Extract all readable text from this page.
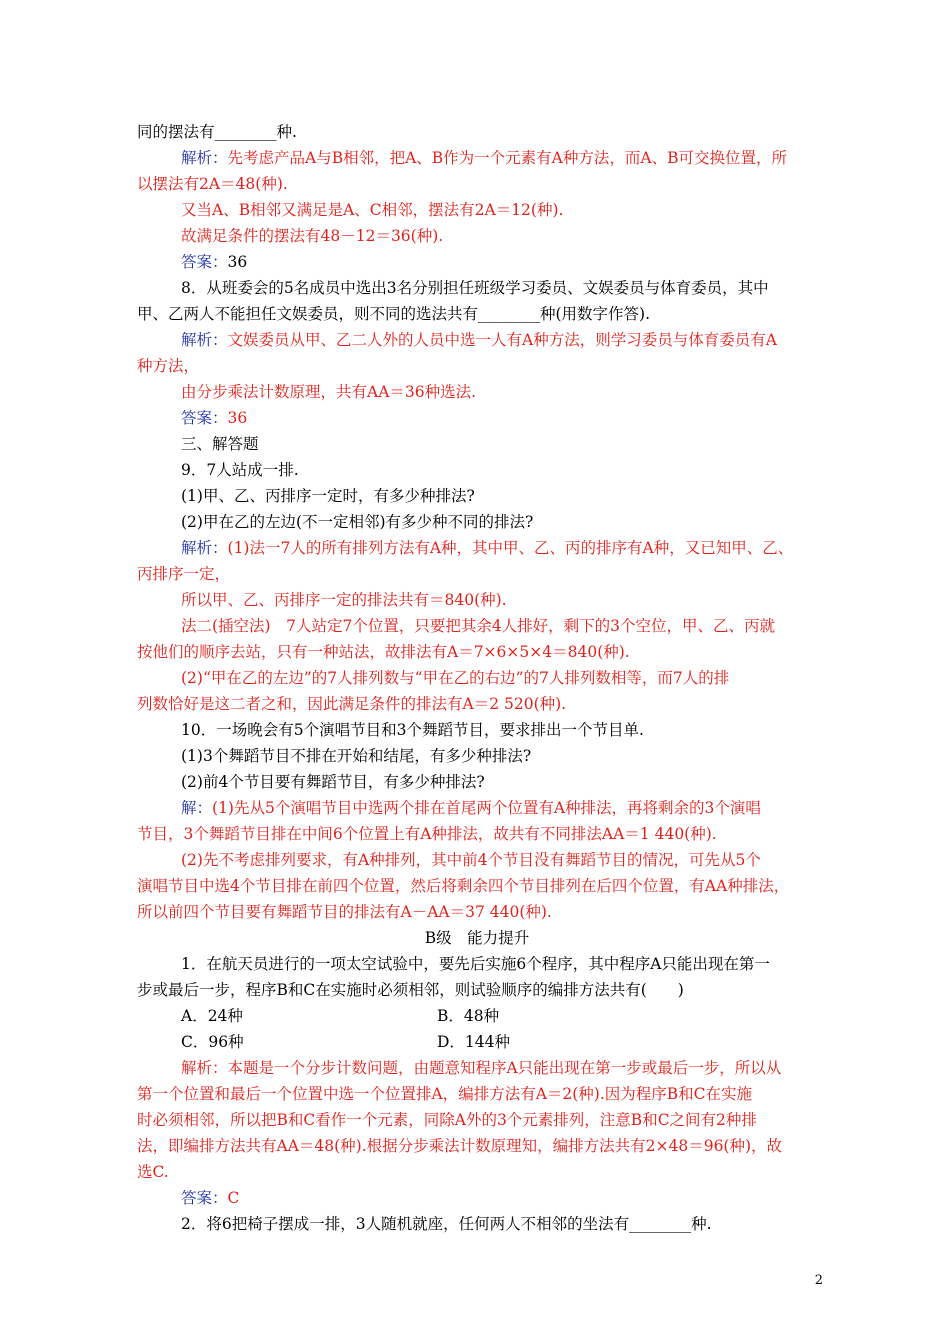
同的摆法有________种.
解析：先考虑产品A与B相邻，把A、B作为一个元素有A种方法，而A、B可交换位置，所
以摆法有2A＝48(种).
又当A、B相邻又满足是A、C相邻，摆法有2A＝12(种).
故满足条件的摆法有48－12＝36(种).
答案：36
8．从班委会的5名成员中选出3名分别担任班级学习委员、文娱委员与体育委员，其中
甲、乙两人不能担任文娱委员，则不同的选法共有________种(用数字作答).
解析：文娱委员从甲、乙二人外的人员中选一人有A种方法，则学习委员与体育委员有A
种方法，
由分步乘法计数原理，共有AA＝36种选法.
答案：36
三、解答题
9．7人站成一排.
(1)甲、乙、丙排序一定时，有多少种排法?
(2)甲在乙的左边(不一定相邻)有多少种不同的排法?
解析：(1)法一7人的所有排列方法有A种，其中甲、乙、丙的排序有A种，又已知甲、乙、
丙排序一定，
所以甲、乙、丙排序一定的排法共有＝840(种).
法二(插空法)　7人站定7个位置，只要把其余4人排好，剩下的3个空位，甲、乙、丙就
按他们的顺序去站，只有一种站法，故排法有A＝7×6×5×4＝840(种).
(2)“甲在乙的左边”的7人排列数与“甲在乙的右边”的7人排列数相等，而7人的排
列数恰好是这二者之和，因此满足条件的排法有A＝2 520(种).
10．一场晚会有5个演唱节目和3个舞蹈节目，要求排出一个节目单.
(1)3个舞蹈节目不排在开始和结尾，有多少种排法?
(2)前4个节目要有舞蹈节目，有多少种排法?
解：(1)先从5个演唱节目中选两个排在首尾两个位置有A种排法，再将剩余的3个演唱
节目，3个舞蹈节目排在中间6个位置上有A种排法，故共有不同排法AA＝1 440(种).
(2)先不考虑排列要求，有A种排列，其中前4个节目没有舞蹈节目的情况，可先从5个
演唱节目中选4个节目排在前四个位置，然后将剩余四个节目排列在后四个位置，有AA种排法，
所以前四个节目要有舞蹈节目的排法有A－AA＝37 440(种).
B级　能力提升
1．在航天员进行的一项太空试验中，要先后实施6个程序，其中程序A只能出现在第一
步或最后一步，程序B和C在实施时必须相邻，则试验顺序的编排方法共有(　　)
A．24种	B．48种
C．96种	D．144种
解析：本题是一个分步计数问题，由题意知程序A只能出现在第一步或最后一步，所以从
第一个位置和最后一个位置中选一个位置排A，编排方法有A＝2(种).因为程序B和C在实施
时必须相邻，所以把B和C看作一个元素，同除A外的3个元素排列，注意B和C之间有2种排
法，即编排方法共有AA＝48(种).根据分步乘法计数原理知，编排方法共有2×48＝96(种)，故
选C.
答案：C
2．将6把椅子摆成一排，3人随机就座，任何两人不相邻的坐法有________种.
2
